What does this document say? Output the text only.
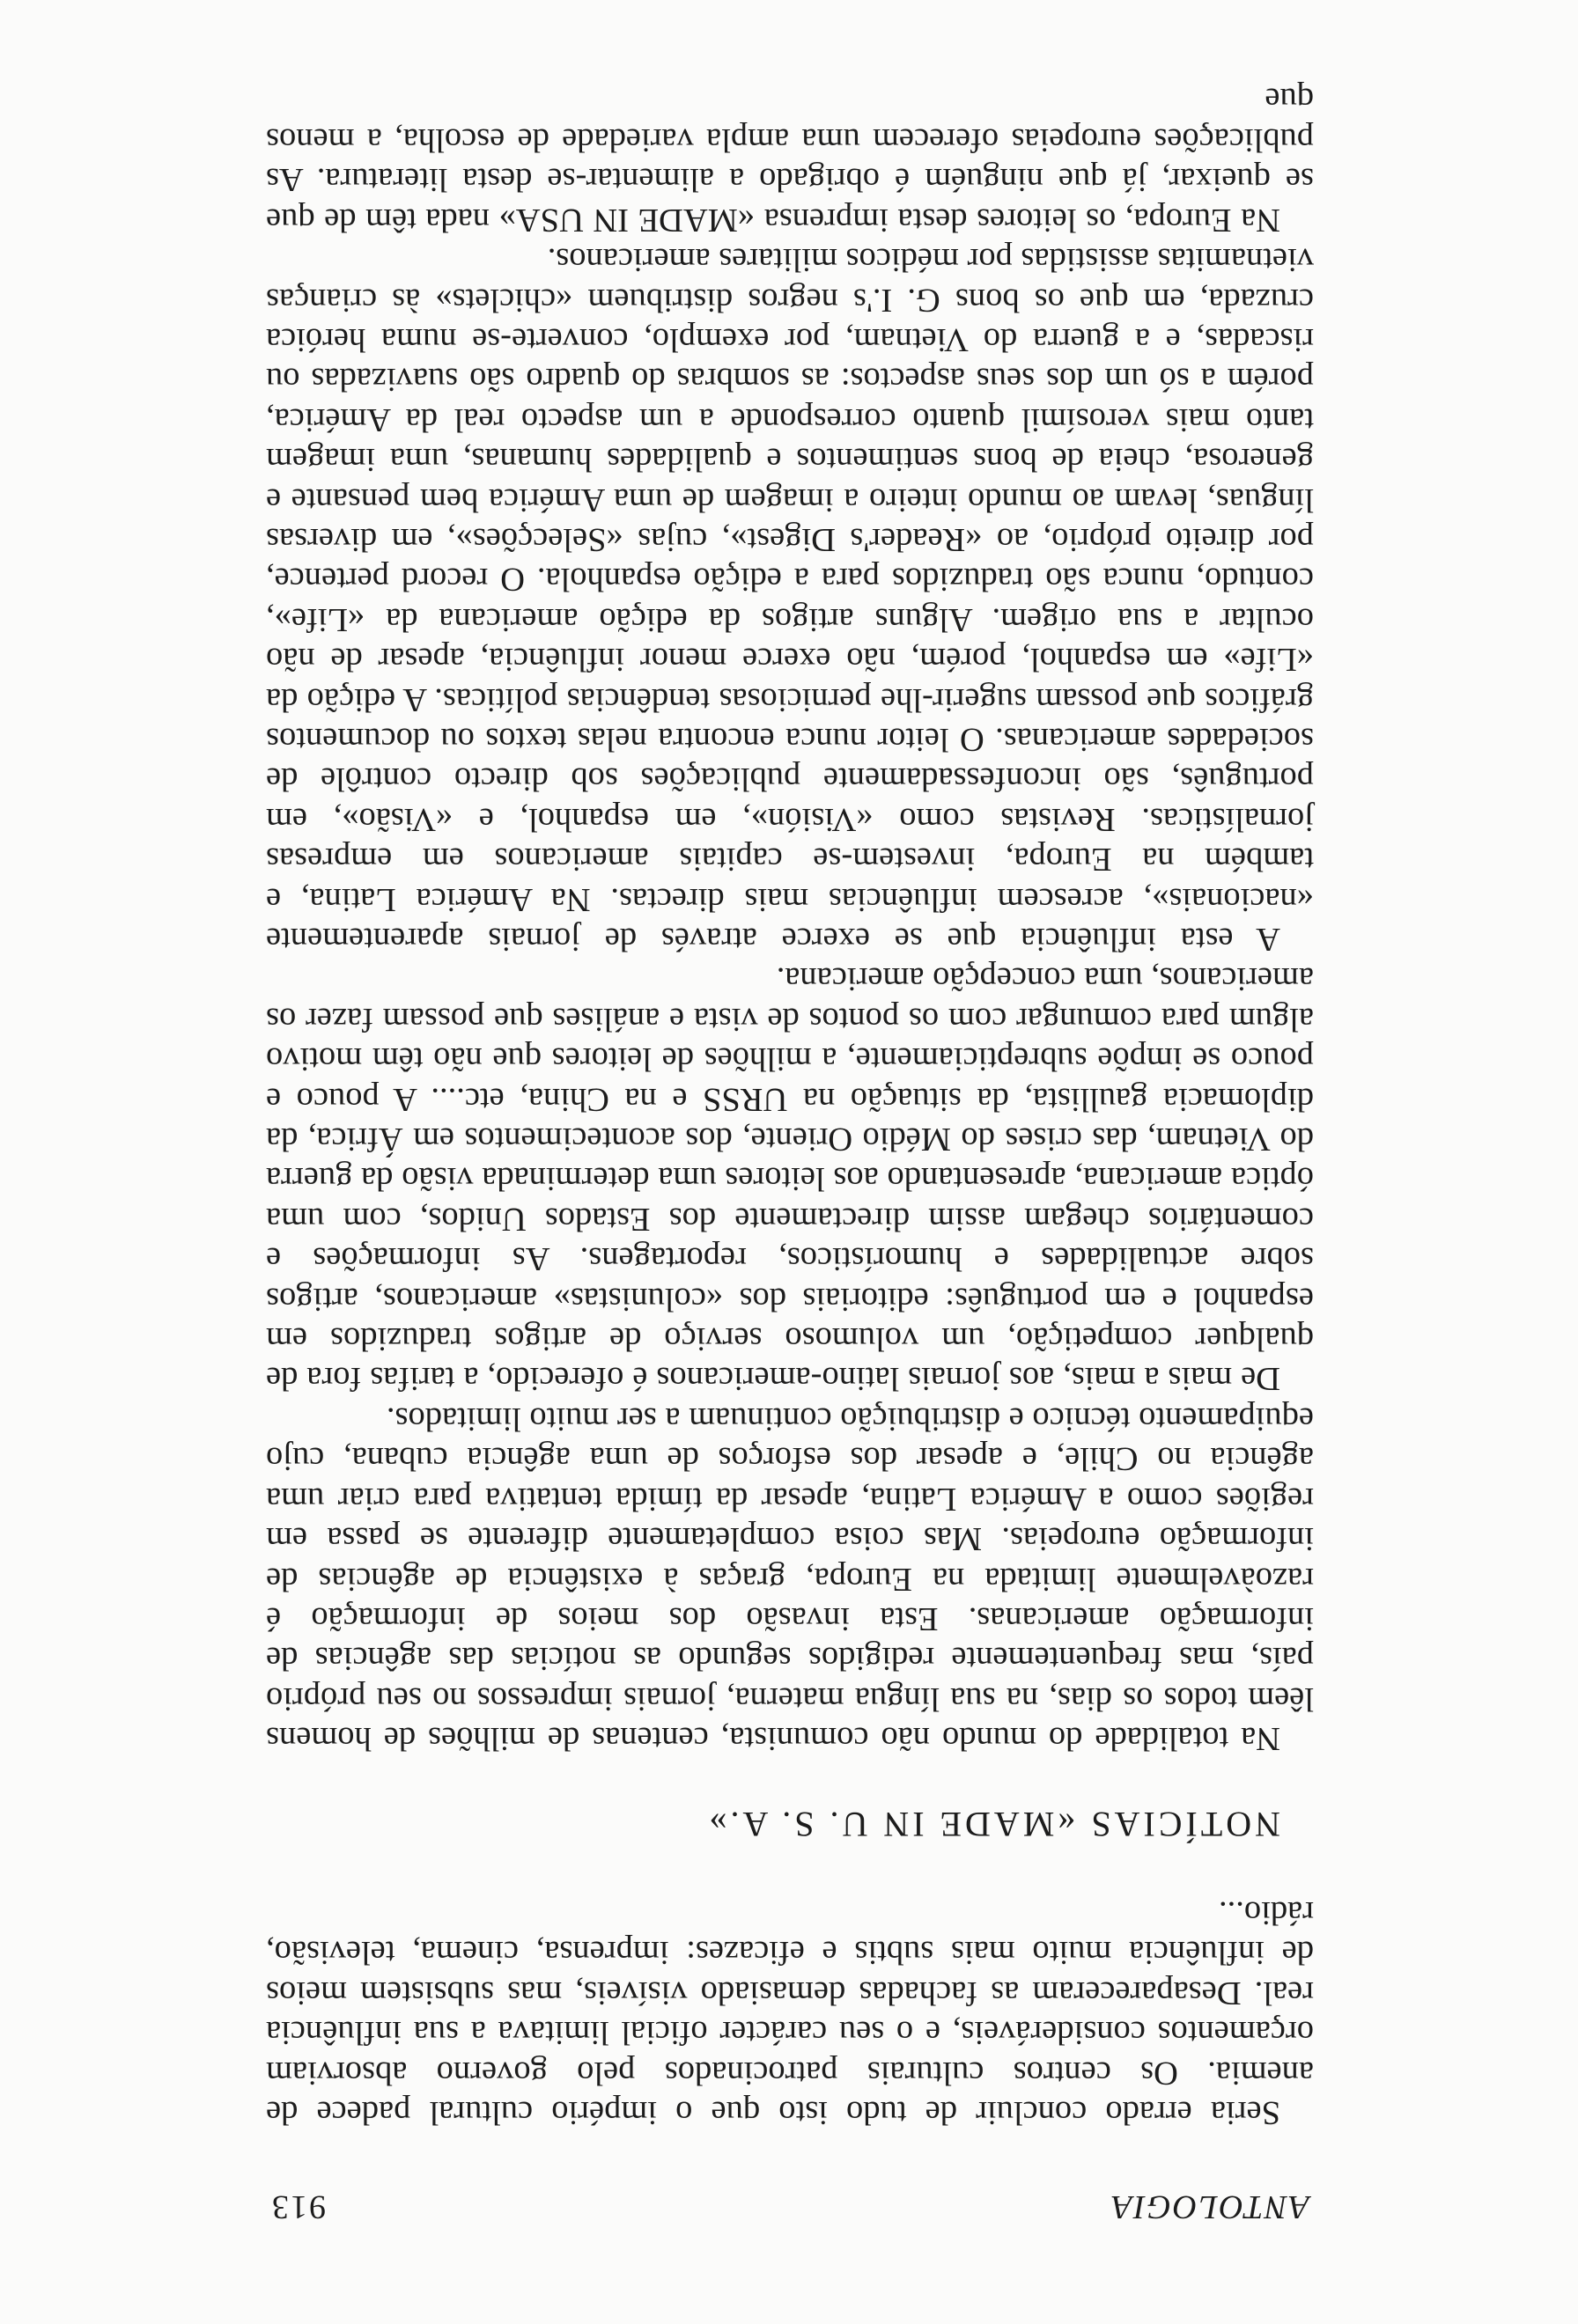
ANTOLOGIA
913

Seria errado concluir de tudo isto que o império cultural padece de anemia. Os centros culturais patrocinados pelo governo absorviam orçamentos consideráveis, e o seu carácter oficial limitava a sua influência real. Desapareceram as fachadas demasiado visíveis, mas subsistem meios de influência muito mais subtis e eficazes: imprensa, cinema, televisão, rádio...

NOTÍCIAS «MADE IN U. S. A.»

Na totalidade do mundo não comunista, centenas de milhões de homens lêem todos os dias, na sua língua materna, jornais impressos no seu próprio país, mas frequentemente redigidos segundo as notícias das agências de informação americanas. Esta invasão dos meios de informação é razoàvelmente limitada na Europa, graças à existência de agências de informação europeias. Mas coisa completamente diferente se passa em regiões como a América Latina, apesar da tímida tentativa para criar uma agência no Chile, e apesar dos esforços de uma agência cubana, cujo equipamento técnico e distribuição continuam a ser muito limitados.

De mais a mais, aos jornais latino-americanos é oferecido, a tarifas fora de qualquer competição, um volumoso serviço de artigos traduzidos em espanhol e em português: editoriais dos «colunistas» americanos, artigos sobre actualidades e humorísticos, reportagens. As informações e comentários chegam assim directamente dos Estados Unidos, com uma óptica americana, apresentando aos leitores uma determinada visão da guerra do Vietnam, das crises do Médio Oriente, dos acontecimentos em África, da diplomacia gaullista, da situação na URSS e na China, etc.... A pouco e pouco se impõe subrepticiamente, a milhões de leitores que não têm motivo algum para comungar com os pontos de vista e análises que possam fazer os americanos, uma concepção americana.

A esta influência que se exerce através de jornais aparentemente «nacionais», acrescem influências mais directas. Na América Latina, e também na Europa, investem-se capitais americanos em empresas jornalísticas. Revistas como «Visión», em espanhol, e «Visão», em português, são inconfessadamente publicações sob directo contrôle de sociedades americanas. O leitor nunca encontra nelas textos ou documentos gráficos que possam sugerir-lhe perniciosas tendências políticas. A edição da «Life» em espanhol, porém, não exerce menor influência, apesar de não ocultar a sua origem. Alguns artigos da edição americana da «Life», contudo, nunca são traduzidos para a edição espanhola. O record pertence, por direito próprio, ao «Reader's Digest», cujas «Selecções», em diversas línguas, levam ao mundo inteiro a imagem de uma América bem pensante e generosa, cheia de bons sentimentos e qualidades humanas, uma imagem tanto mais verosímil quanto corresponde a um aspecto real da América, porém a só um dos seus aspectos: as sombras do quadro são suavizadas ou riscadas, e a guerra do Vietnam, por exemplo, converte-se numa heróica cruzada, em que os bons G. I.'s negros distribuem «chiclets» às crianças vietnamitas assistidas por médicos militares americanos.

Na Europa, os leitores desta imprensa «MADE IN USA» nada têm de que se queixar, já que ninguém é obrigado a alimentar-se desta literatura. As publicações europeias oferecem uma ampla variedade de escolha, a menos que
